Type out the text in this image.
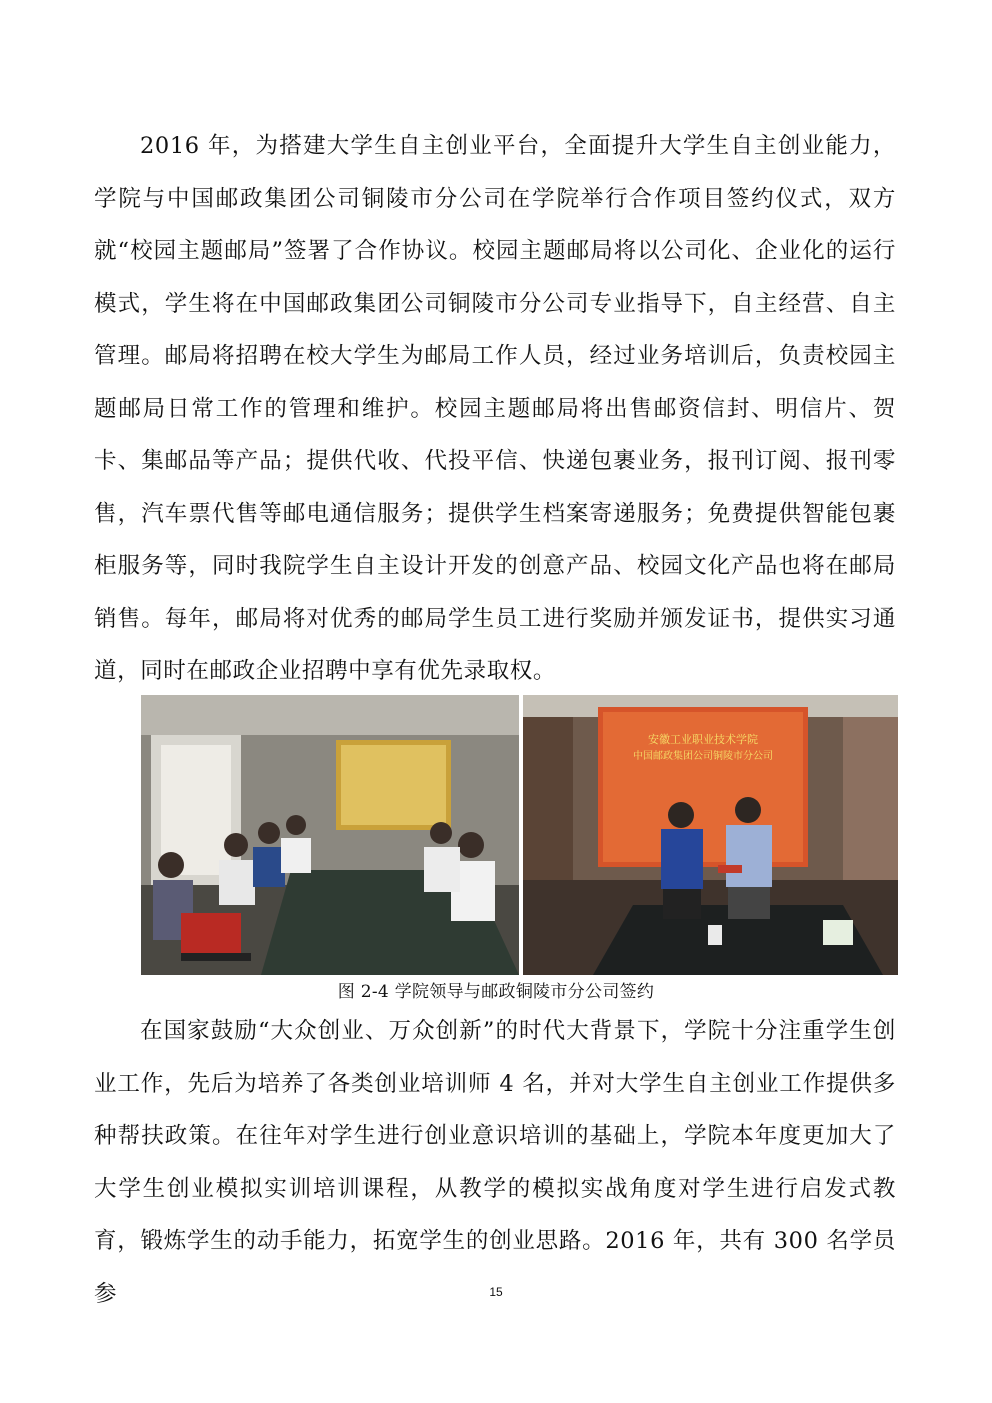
2016 年，为搭建大学生自主创业平台，全面提升大学生自主创业能力，学院与中国邮政集团公司铜陵市分公司在学院举行合作项目签约仪式，双方就“校园主题邮局”签署了合作协议。校园主题邮局将以公司化、企业化的运行模式，学生将在中国邮政集团公司铜陵市分公司专业指导下，自主经营、自主管理。邮局将招聘在校大学生为邮局工作人员，经过业务培训后，负责校园主题邮局日常工作的管理和维护。校园主题邮局将出售邮资信封、明信片、贺卡、集邮品等产品；提供代收、代投平信、快递包裹业务，报刊订阅、报刊零售，汽车票代售等邮电通信服务；提供学生档案寄递服务；免费提供智能包裹柜服务等，同时我院学生自主设计开发的创意产品、校园文化产品也将在邮局销售。每年，邮局将对优秀的邮局学生员工进行奖励并颁发证书，提供实习通道，同时在邮政企业招聘中享有优先录取权。

安徽工业职业技术学院
中国邮政集团公司铜陵市分公司
图 2-4 学院领导与邮政铜陵市分公司签约

在国家鼓励“大众创业、万众创新”的时代大背景下，学院十分注重学生创业工作，先后为培养了各类创业培训师 4 名，并对大学生自主创业工作提供多种帮扶政策。在往年对学生进行创业意识培训的基础上，学院本年度更加大了大学生创业模拟实训培训课程，从教学的模拟实战角度对学生进行启发式教育，锻炼学生的动手能力，拓宽学生的创业思路。2016 年，共有 300 名学员参	15
